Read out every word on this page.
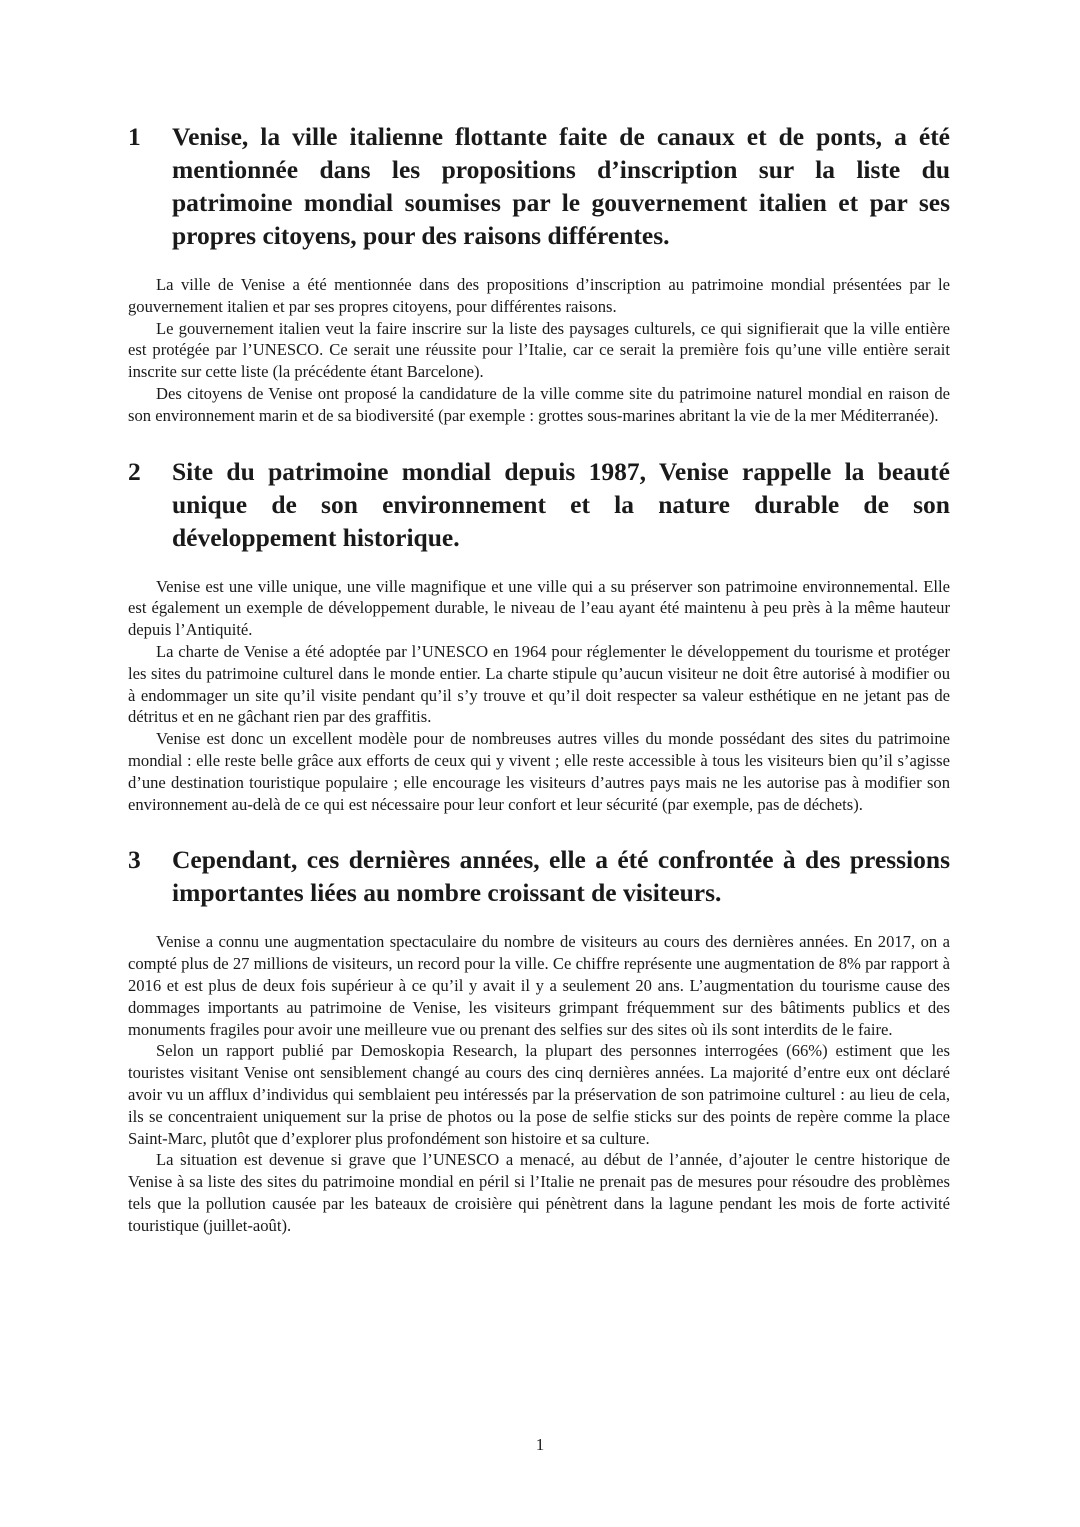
1	Venise, la ville italienne flottante faite de canaux et de ponts, a été mentionnée dans les propositions d’inscription sur la liste du patrimoine mondial soumises par le gouvernement italien et par ses propres citoyens, pour des raisons différentes.

La ville de Venise a été mentionnée dans des propositions d’inscription au patrimoine mondial présentées par le gouvernement italien et par ses propres citoyens, pour différentes raisons.

Le gouvernement italien veut la faire inscrire sur la liste des paysages culturels, ce qui signifierait que la ville entière est protégée par l’UNESCO. Ce serait une réussite pour l’Italie, car ce serait la première fois qu’une ville entière serait inscrite sur cette liste (la précédente étant Barcelone).

Des citoyens de Venise ont proposé la candidature de la ville comme site du patrimoine naturel mondial en raison de son environnement marin et de sa biodiversité (par exemple : grottes sous-marines abritant la vie de la mer Méditerranée).

2	Site du patrimoine mondial depuis 1987, Venise rappelle la beauté unique de son environnement et la nature durable de son développement historique.

Venise est une ville unique, une ville magnifique et une ville qui a su préserver son patrimoine environnemental. Elle est également un exemple de développement durable, le niveau de l’eau ayant été maintenu à peu près à la même hauteur depuis l’Antiquité.

La charte de Venise a été adoptée par l’UNESCO en 1964 pour réglementer le développement du tourisme et protéger les sites du patrimoine culturel dans le monde entier. La charte stipule qu’aucun visiteur ne doit être autorisé à modifier ou à endommager un site qu’il visite pendant qu’il s’y trouve et qu’il doit respecter sa valeur esthétique en ne jetant pas de détritus et en ne gâchant rien par des graffitis.

Venise est donc un excellent modèle pour de nombreuses autres villes du monde possédant des sites du patrimoine mondial : elle reste belle grâce aux efforts de ceux qui y vivent ; elle reste accessible à tous les visiteurs bien qu’il s’agisse d’une destination touristique populaire ; elle encourage les visiteurs d’autres pays mais ne les autorise pas à modifier son environnement au-delà de ce qui est nécessaire pour leur confort et leur sécurité (par exemple, pas de déchets).

3	Cependant, ces dernières années, elle a été confrontée à des pressions importantes liées au nombre croissant de visiteurs.

Venise a connu une augmentation spectaculaire du nombre de visiteurs au cours des dernières années. En 2017, on a compté plus de 27 millions de visiteurs, un record pour la ville. Ce chiffre représente une augmentation de 8% par rapport à 2016 et est plus de deux fois supérieur à ce qu’il y avait il y a seulement 20 ans. L’augmentation du tourisme cause des dommages importants au patrimoine de Venise, les visiteurs grimpant fréquemment sur des bâtiments publics et des monuments fragiles pour avoir une meilleure vue ou prenant des selfies sur des sites où ils sont interdits de le faire.

Selon un rapport publié par Demoskopia Research, la plupart des personnes interrogées (66%) estiment que les touristes visitant Venise ont sensiblement changé au cours des cinq dernières années. La majorité d’entre eux ont déclaré avoir vu un afflux d’individus qui semblaient peu intéressés par la préservation de son patrimoine culturel : au lieu de cela, ils se concentraient uniquement sur la prise de photos ou la pose de selfie sticks sur des points de repère comme la place Saint-Marc, plutôt que d’explorer plus profondément son histoire et sa culture.

La situation est devenue si grave que l’UNESCO a menacé, au début de l’année, d’ajouter le centre historique de Venise à sa liste des sites du patrimoine mondial en péril si l’Italie ne prenait pas de mesures pour résoudre des problèmes tels que la pollution causée par les bateaux de croisière qui pénètrent dans la lagune pendant les mois de forte activité touristique (juillet-août).

1
